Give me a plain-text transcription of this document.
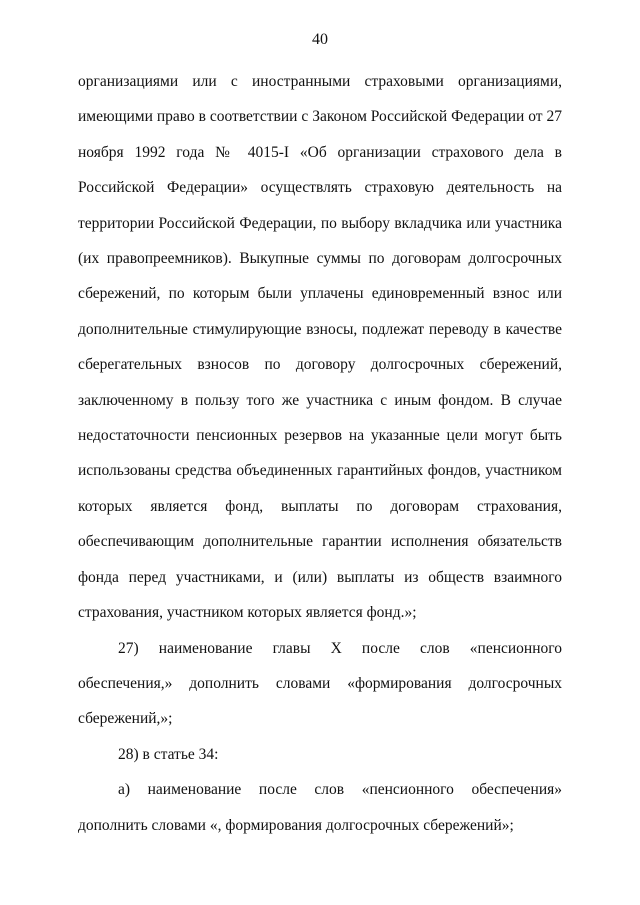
40

организациями или с иностранными страховыми организациями, имеющими право в соответствии с Законом Российской Федерации от 27 ноября 1992 года № 4015-I «Об организации страхового дела в Российской Федерации» осуществлять страховую деятельность на территории Российской Федерации, по выбору вкладчика или участника (их правопреемников). Выкупные суммы по договорам долгосрочных сбережений, по которым были уплачены единовременный взнос или дополнительные стимулирующие взносы, подлежат переводу в качестве сберегательных взносов по договору долгосрочных сбережений, заключенному в пользу того же участника с иным фондом. В случае недостаточности пенсионных резервов на указанные цели могут быть использованы средства объединенных гарантийных фондов, участником которых является фонд, выплаты по договорам страхования, обеспечивающим дополнительные гарантии исполнения обязательств фонда перед участниками, и (или) выплаты из обществ взаимного страхования, участником которых является фонд.»;

27) наименование главы X после слов «пенсионного обеспечения,» дополнить словами «формирования долгосрочных сбережений,»;

28) в статье 34:

а) наименование после слов «пенсионного обеспечения» дополнить словами «, формирования долгосрочных сбережений»;
